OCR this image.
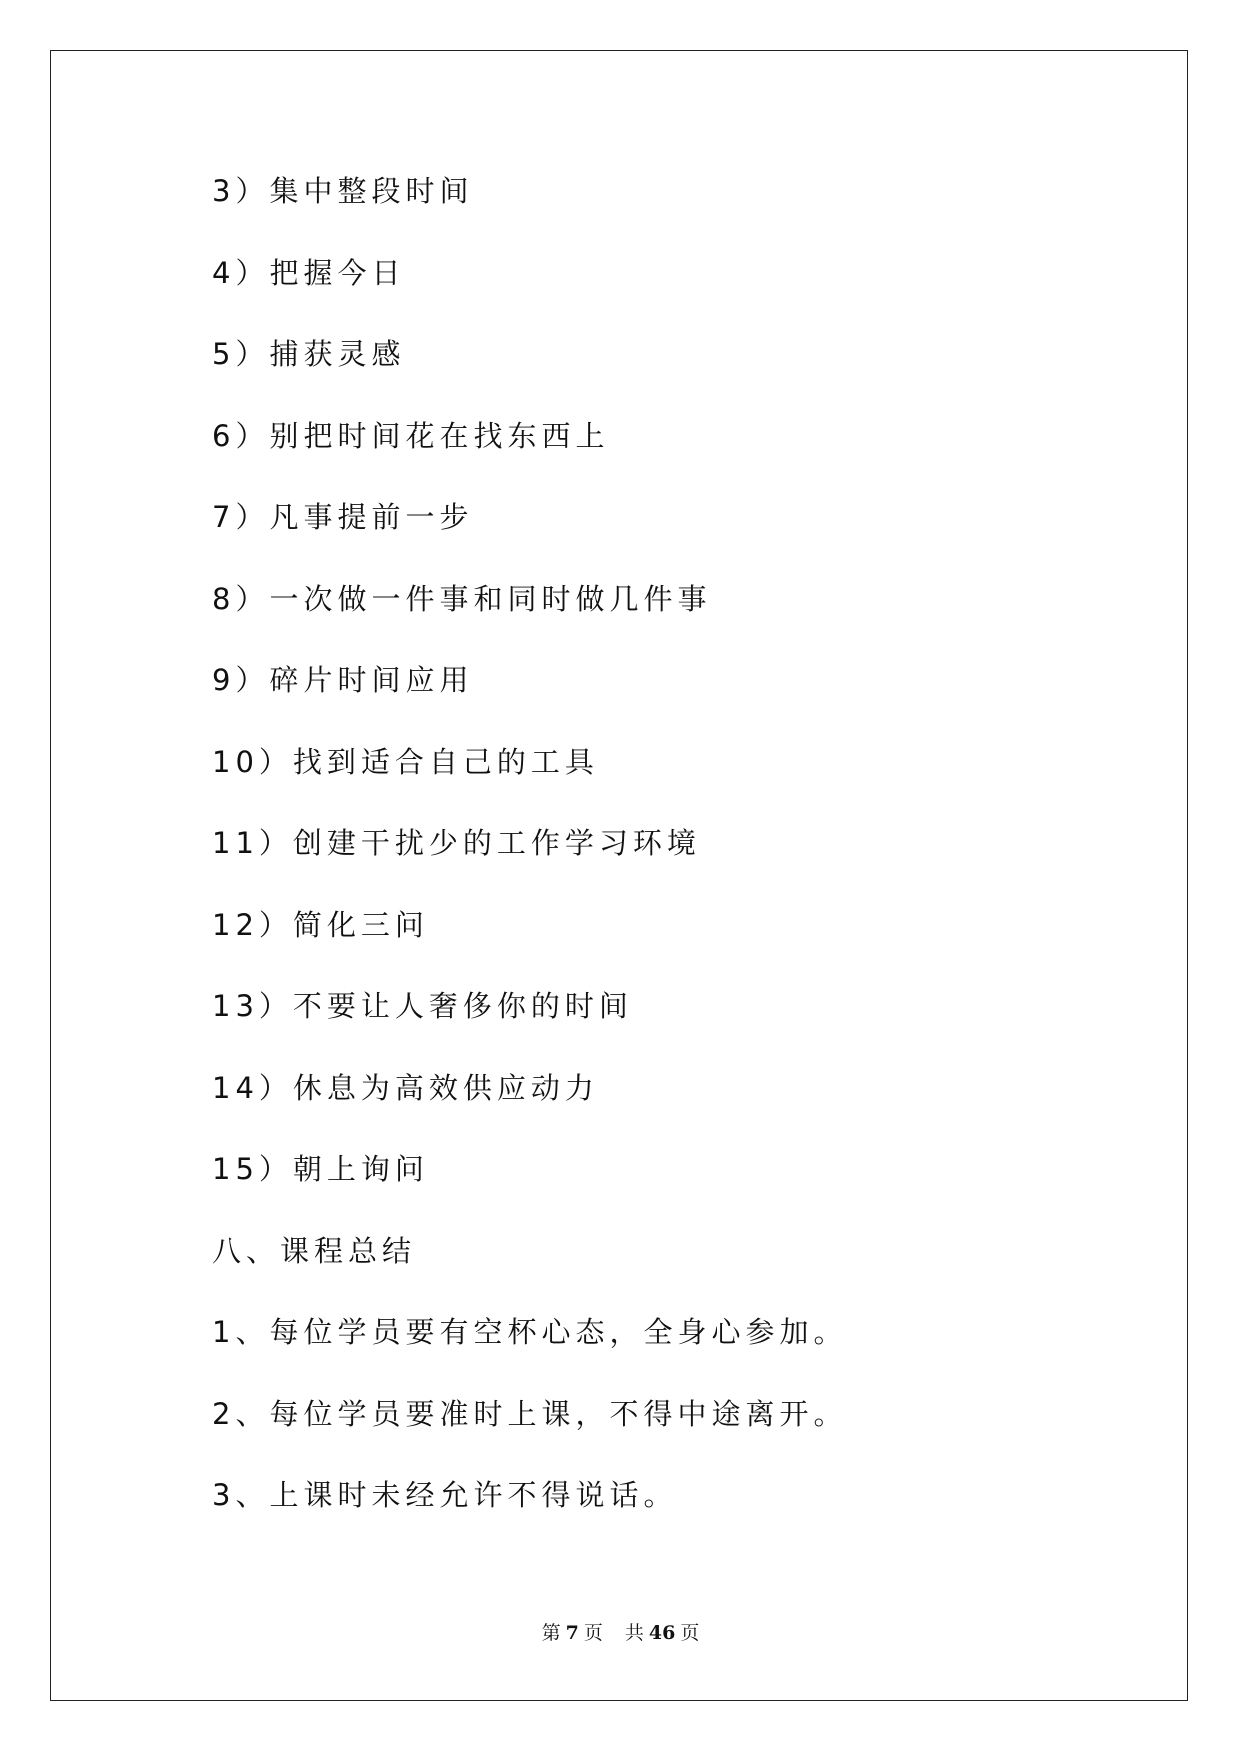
3）集中整段时间
4）把握今日
5）捕获灵感
6）别把时间花在找东西上
7）凡事提前一步
8）一次做一件事和同时做几件事
9）碎片时间应用
10）找到适合自己的工具
11）创建干扰少的工作学习环境
12）简化三问
13）不要让人奢侈你的时间
14）休息为高效供应动力
15）朝上询问
八、课程总结
1、每位学员要有空杯心态，全身心参加。
2、每位学员要准时上课，不得中途离开。
3、上课时未经允许不得说话。
第 7 页 共 46 页
